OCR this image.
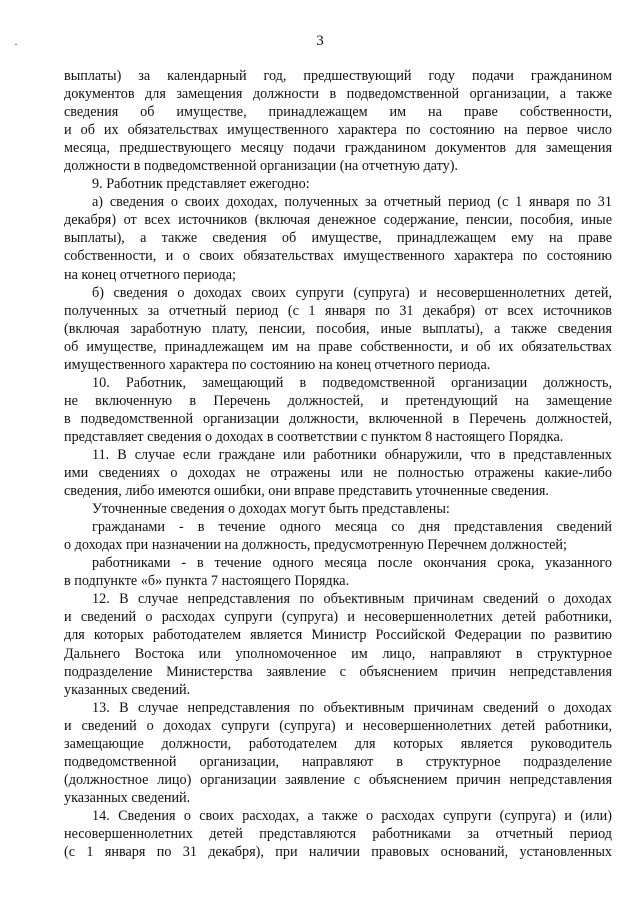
·	3
выплаты) за календарный год, предшествующий году подачи гражданином
документов для замещения должности в подведомственной организации, а также
сведения об имуществе, принадлежащем им на праве собственности,
и об их обязательствах имущественного характера по состоянию на первое число
месяца, предшествующего месяцу подачи гражданином документов для замещения
должности в подведомственной организации (на отчетную дату).
9. Работник представляет ежегодно:
а) сведения о своих доходах, полученных за отчетный период (с 1 января по 31
декабря) от всех источников (включая денежное содержание, пенсии, пособия, иные
выплаты), а также сведения об имуществе, принадлежащем ему на праве
собственности, и о своих обязательствах имущественного характера по состоянию
на конец отчетного периода;
б) сведения о доходах своих супруги (супруга) и несовершеннолетних детей,
полученных за отчетный период (с 1 января по 31 декабря) от всех источников
(включая заработную плату, пенсии, пособия, иные выплаты), а также сведения
об имуществе, принадлежащем им на праве собственности, и об их обязательствах
имущественного характера по состоянию на конец отчетного периода.
10. Работник, замещающий в подведомственной организации должность,
не включенную в Перечень должностей, и претендующий на замещение
в подведомственной организации должности, включенной в Перечень должностей,
представляет сведения о доходах в соответствии с пунктом 8 настоящего Порядка.
11. В случае если граждане или работники обнаружили, что в представленных
ими сведениях о доходах не отражены или не полностью отражены какие-либо
сведения, либо имеются ошибки, они вправе представить уточненные сведения.
Уточненные сведения о доходах могут быть представлены:
гражданами - в течение одного месяца со дня представления сведений
о доходах при назначении на должность, предусмотренную Перечнем должностей;
работниками - в течение одного месяца после окончания срока, указанного
в подпункте «б» пункта 7 настоящего Порядка.
12. В случае непредставления по объективным причинам сведений о доходах
и сведений о расходах супруги (супруга) и несовершеннолетних детей работники,
для которых работодателем является Министр Российской Федерации по развитию
Дальнего Востока или уполномоченное им лицо, направляют в структурное
подразделение Министерства заявление с объяснением причин непредставления
указанных сведений.
13. В случае непредставления по объективным причинам сведений о доходах
и сведений о доходах супруги (супруга) и несовершеннолетних детей работники,
замещающие должности, работодателем для которых является руководитель
подведомственной организации, направляют в структурное подразделение
(должностное лицо) организации заявление с объяснением причин непредставления
указанных сведений.
14. Сведения о своих расходах, а также о расходах супруги (супруга) и (или)
несовершеннолетних детей представляются работниками за отчетный период
(с 1 января по 31 декабря), при наличии правовых оснований, установленных
